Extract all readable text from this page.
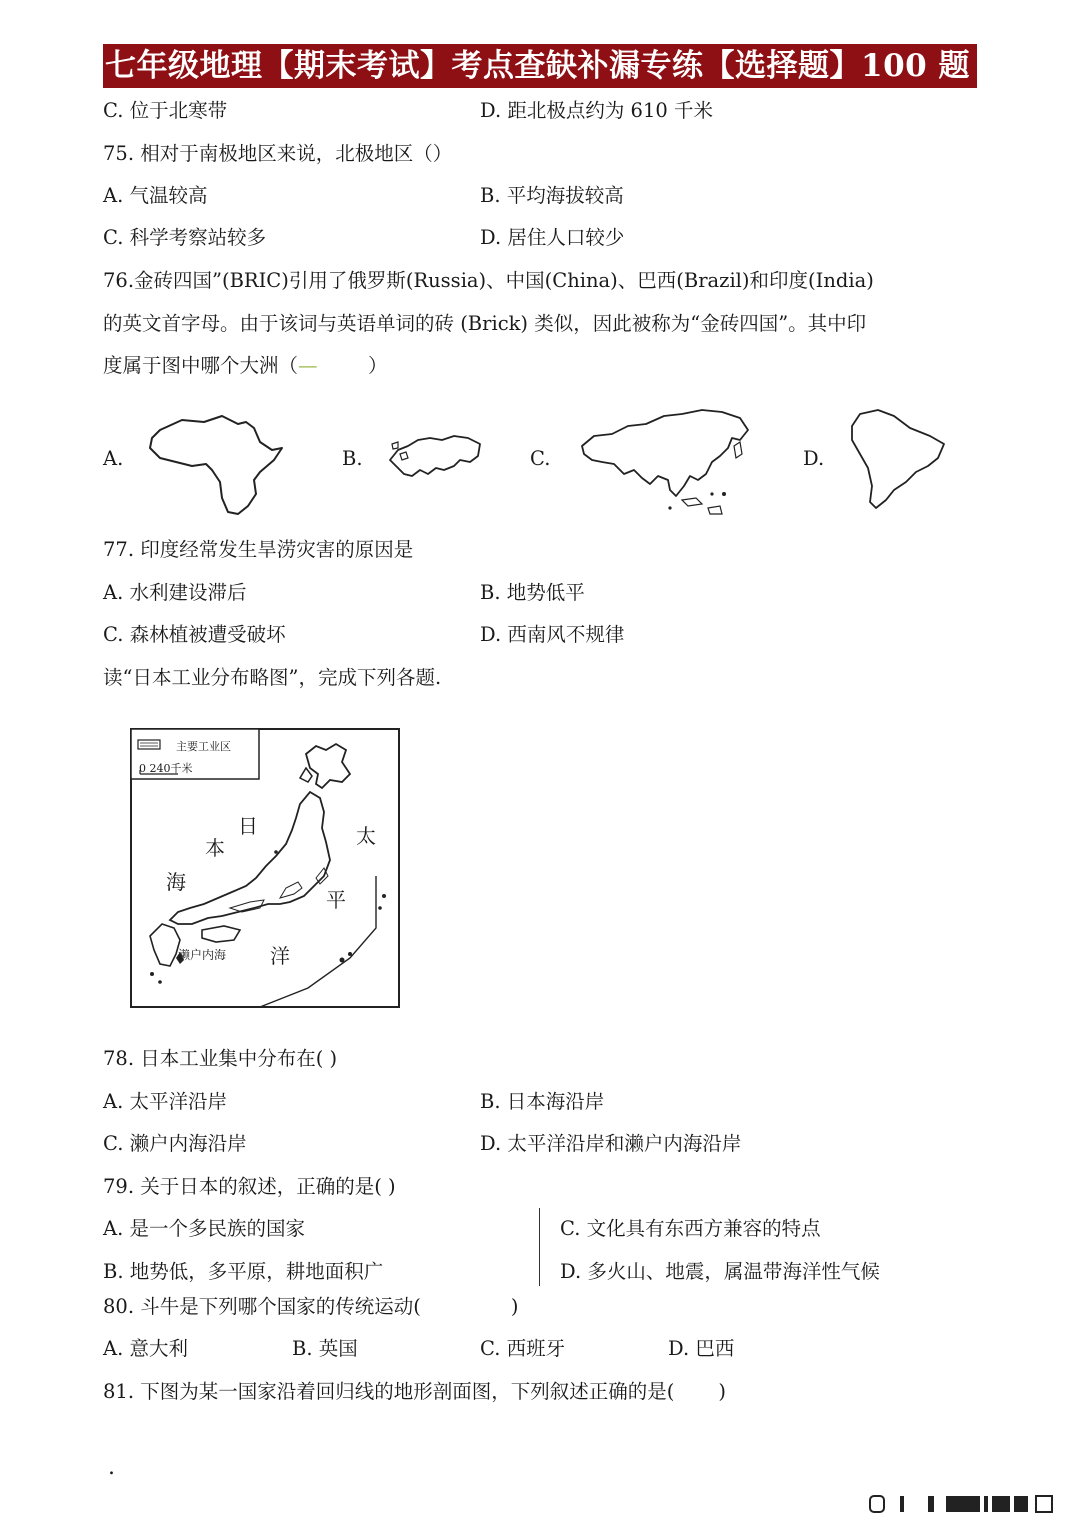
七年级地理【期末考试】考点查缺补漏专练【选择题】100 题
C. 位于北寒带	D. 距北极点约为 610 千米
75. 相对于南极地区来说，北极地区（）
A. 气温较高	B. 平均海拔较高
C. 科学考察站较多	D. 居住人口较少
76.金砖四国”(BRIC)引用了俄罗斯(Russia)、中国(China)、巴西(Brazil)和印度(India)
的英文首字母。由于该词与英语单词的砖 (Brick) 类似，因此被称为“金砖四国”。其中印
度属于图中哪个大洲（—	）
A.	B.	C.	D.
77. 印度经常发生旱涝灾害的原因是
A. 水利建设滞后	B. 地势低平
C. 森林植被遭受破坏	D. 西南风不规律
读“日本工业分布略图”，完成下列各题.
主要工业区
0 240千米
日
本
海
太
平
洋
濑户内海
78. 日本工业集中分布在( )
A. 太平洋沿岸	B. 日本海沿岸
C. 濑户内海沿岸	D. 太平洋沿岸和濑户内海沿岸
79. 关于日本的叙述，正确的是( )
A. 是一个多民族的国家	C. 文化具有东西方兼容的特点
B. 地势低，多平原，耕地面积广	D. 多火山、地震，属温带海洋性气候
80. 斗牛是下列哪个国家的传统运动(	)
A. 意大利	B. 英国	C. 西班牙	D. 巴西
81. 下图为某一国家沿着回归线的地形剖面图，下列叙述正确的是( )
.
